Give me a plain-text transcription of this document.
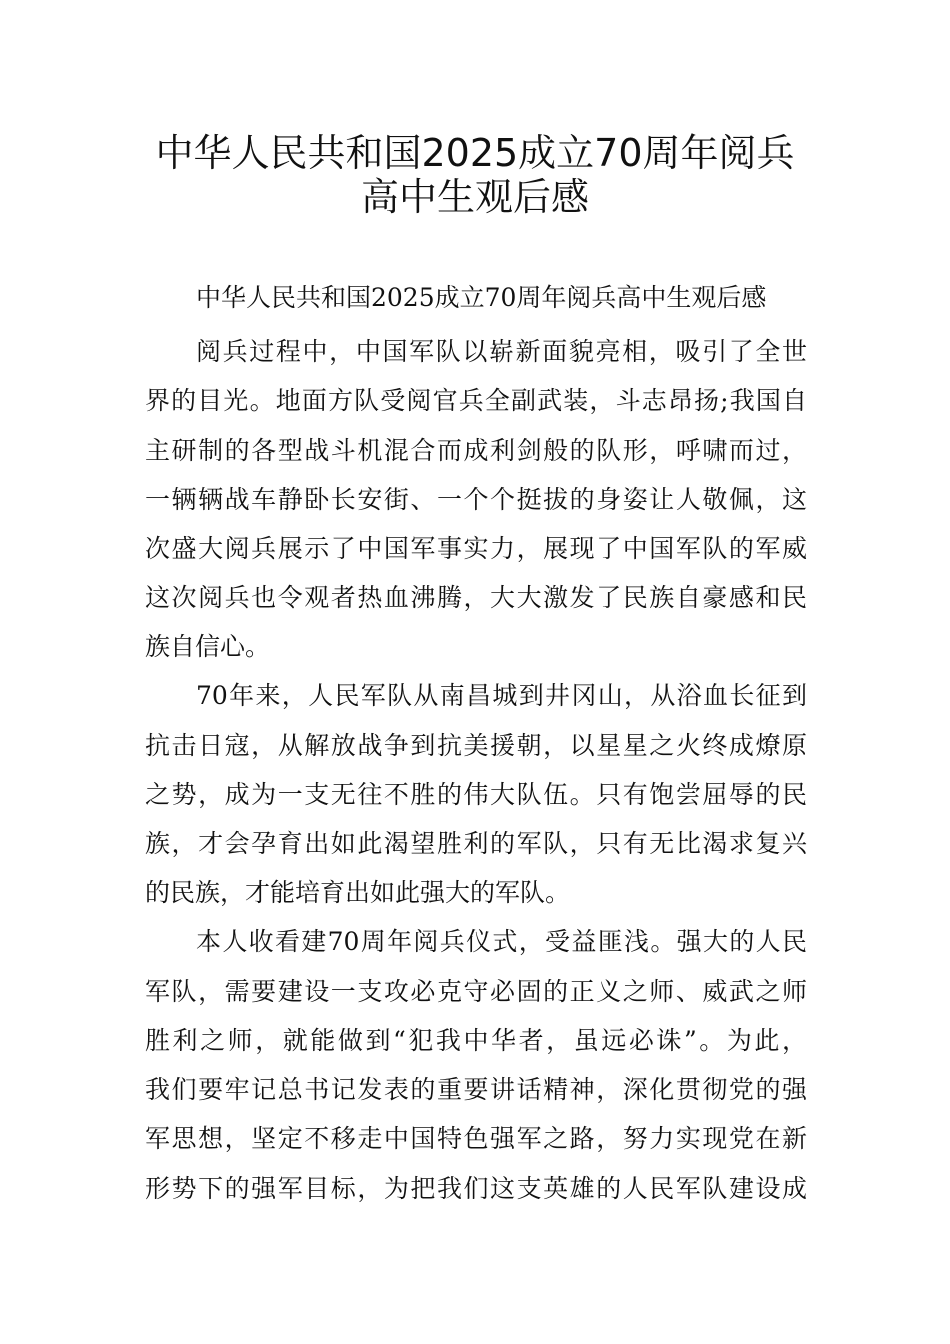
中华人民共和国2025成立70周年阅兵
高中生观后感
中华人民共和国2025成立70周年阅兵高中生观后感
阅兵过程中，中国军队以崭新面貌亮相，吸引了全世
界的目光。地面方队受阅官兵全副武装，斗志昂扬;我国自
主研制的各型战斗机混合而成利剑般的队形，呼啸而过，
一辆辆战车静卧长安街、一个个挺拔的身姿让人敬佩，这
次盛大阅兵展示了中国军事实力，展现了中国军队的军威
这次阅兵也令观者热血沸腾，大大激发了民族自豪感和民
族自信心。
70年来，人民军队从南昌城到井冈山，从浴血长征到
抗击日寇，从解放战争到抗美援朝，以星星之火终成燎原
之势，成为一支无往不胜的伟大队伍。只有饱尝屈辱的民
族，才会孕育出如此渴望胜利的军队，只有无比渴求复兴
的民族，才能培育出如此强大的军队。
本人收看建70周年阅兵仪式，受益匪浅。强大的人民
军队，需要建设一支攻必克守必固的正义之师、威武之师
胜利之师，就能做到“犯我中华者，虽远必诛”。为此，
我们要牢记总书记发表的重要讲话精神，深化贯彻党的强
军思想，坚定不移走中国特色强军之路，努力实现党在新
形势下的强军目标，为把我们这支英雄的人民军队建设成
